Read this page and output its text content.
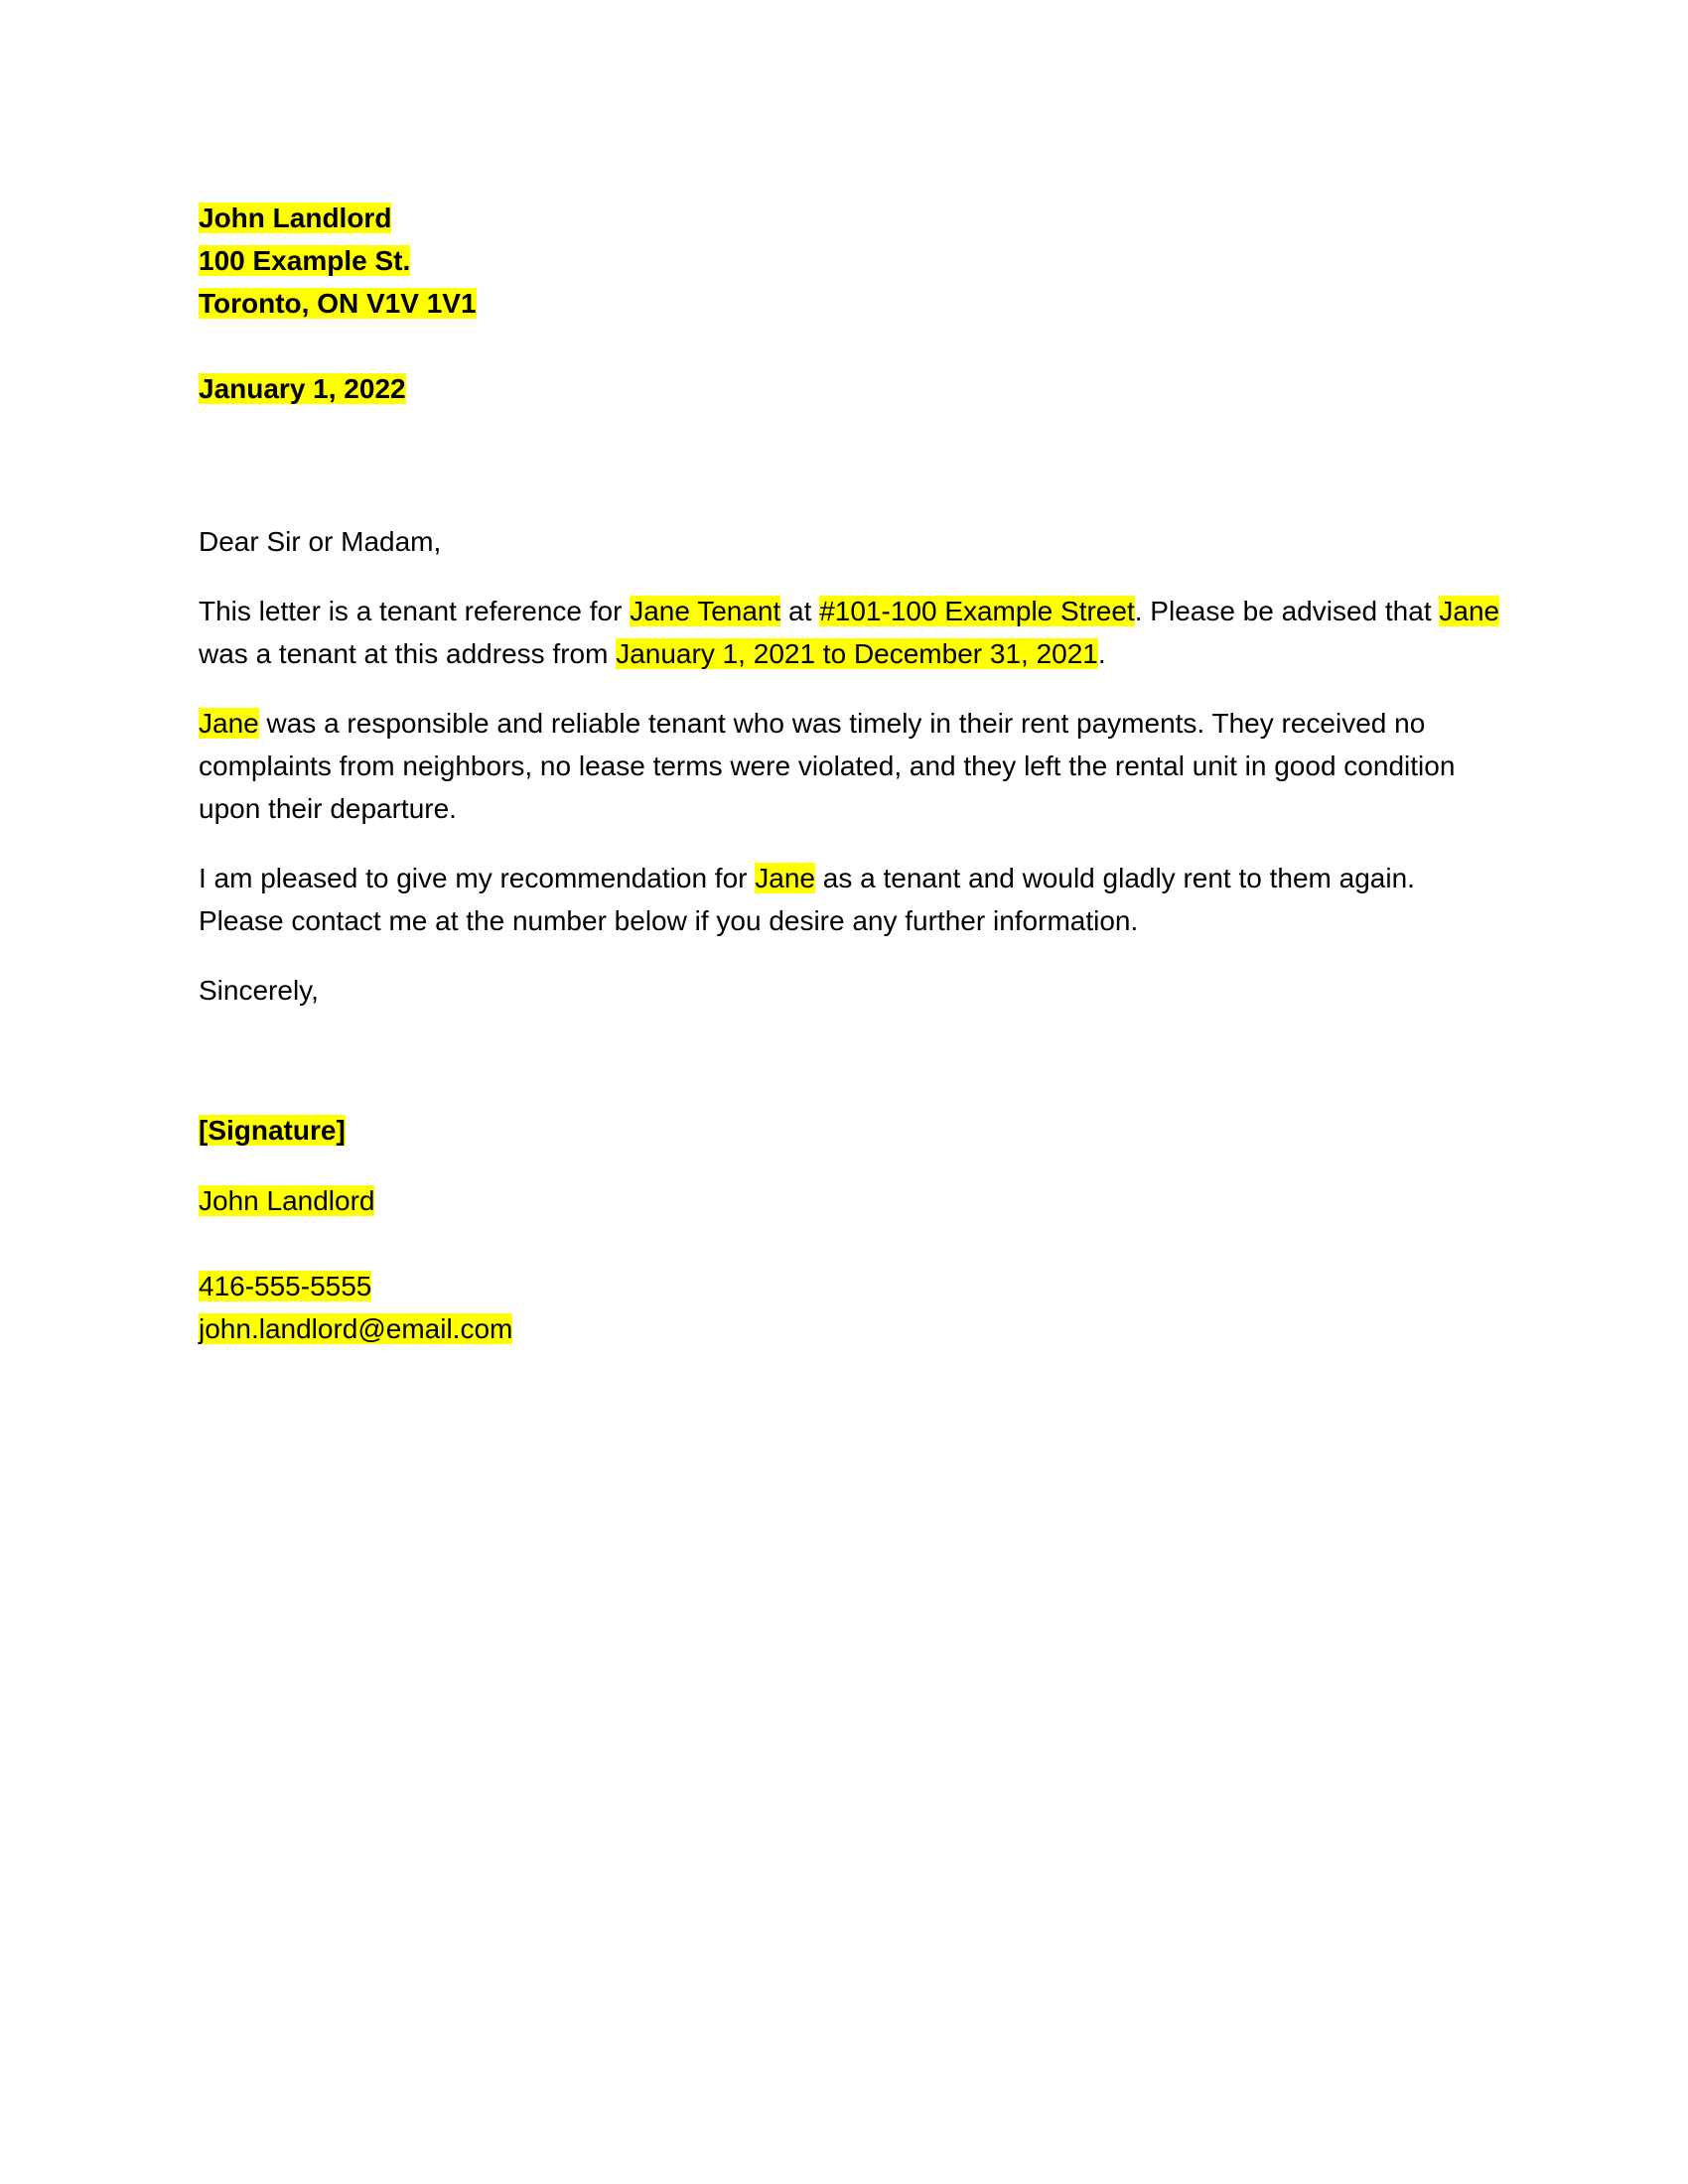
John Landlord
100 Example St.
Toronto, ON V1V 1V1
January 1, 2022
Dear Sir or Madam,
This letter is a tenant reference for Jane Tenant at #101-100 Example Street. Please be advised that Jane
was a tenant at this address from January 1, 2021 to December 31, 2021.
Jane was a responsible and reliable tenant who was timely in their rent payments. They received no
complaints from neighbors, no lease terms were violated, and they left the rental unit in good condition
upon their departure.
I am pleased to give my recommendation for Jane as a tenant and would gladly rent to them again.
Please contact me at the number below if you desire any further information.
Sincerely,
[Signature]
John Landlord
416-555-5555
john.landlord@email.com
